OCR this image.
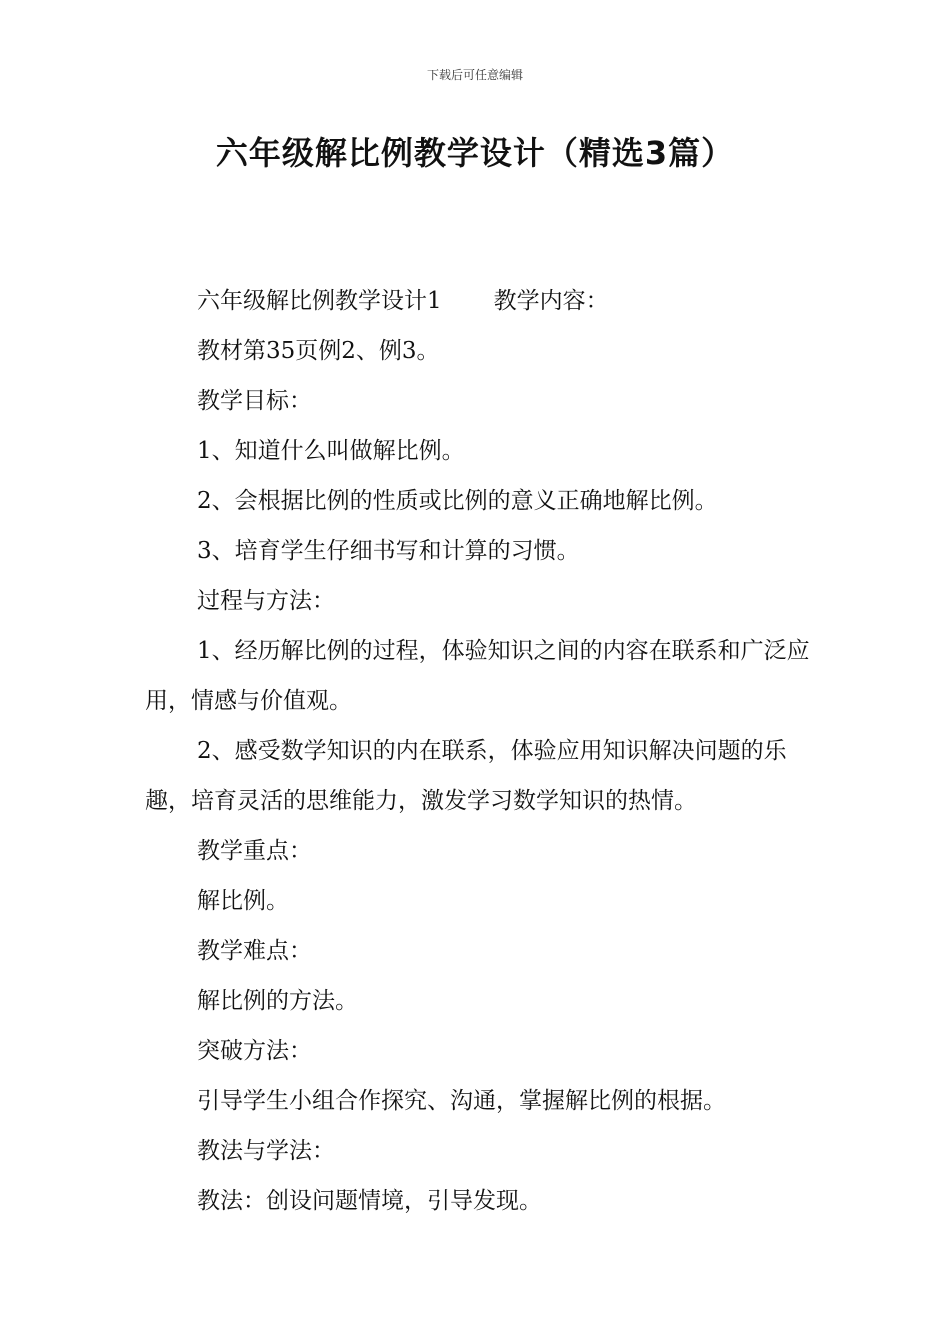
下载后可任意编辑
六年级解比例教学设计（精选3篇）

六年级解比例教学设计1 教学内容：

教材第35页例2、例3。

教学目标：

1、知道什么叫做解比例。

2、会根据比例的性质或比例的意义正确地解比例。

3、培育学生仔细书写和计算的习惯。

过程与方法：

1、经历解比例的过程，体验知识之间的内容在联系和广泛应用，情感与价值观。

2、感受数学知识的内在联系，体验应用知识解决问题的乐趣，培育灵活的思维能力，激发学习数学知识的热情。

教学重点：

解比例。

教学难点：

解比例的方法。

突破方法：

引导学生小组合作探究、沟通，掌握解比例的根据。

教法与学法：

教法：创设问题情境，引导发现。
